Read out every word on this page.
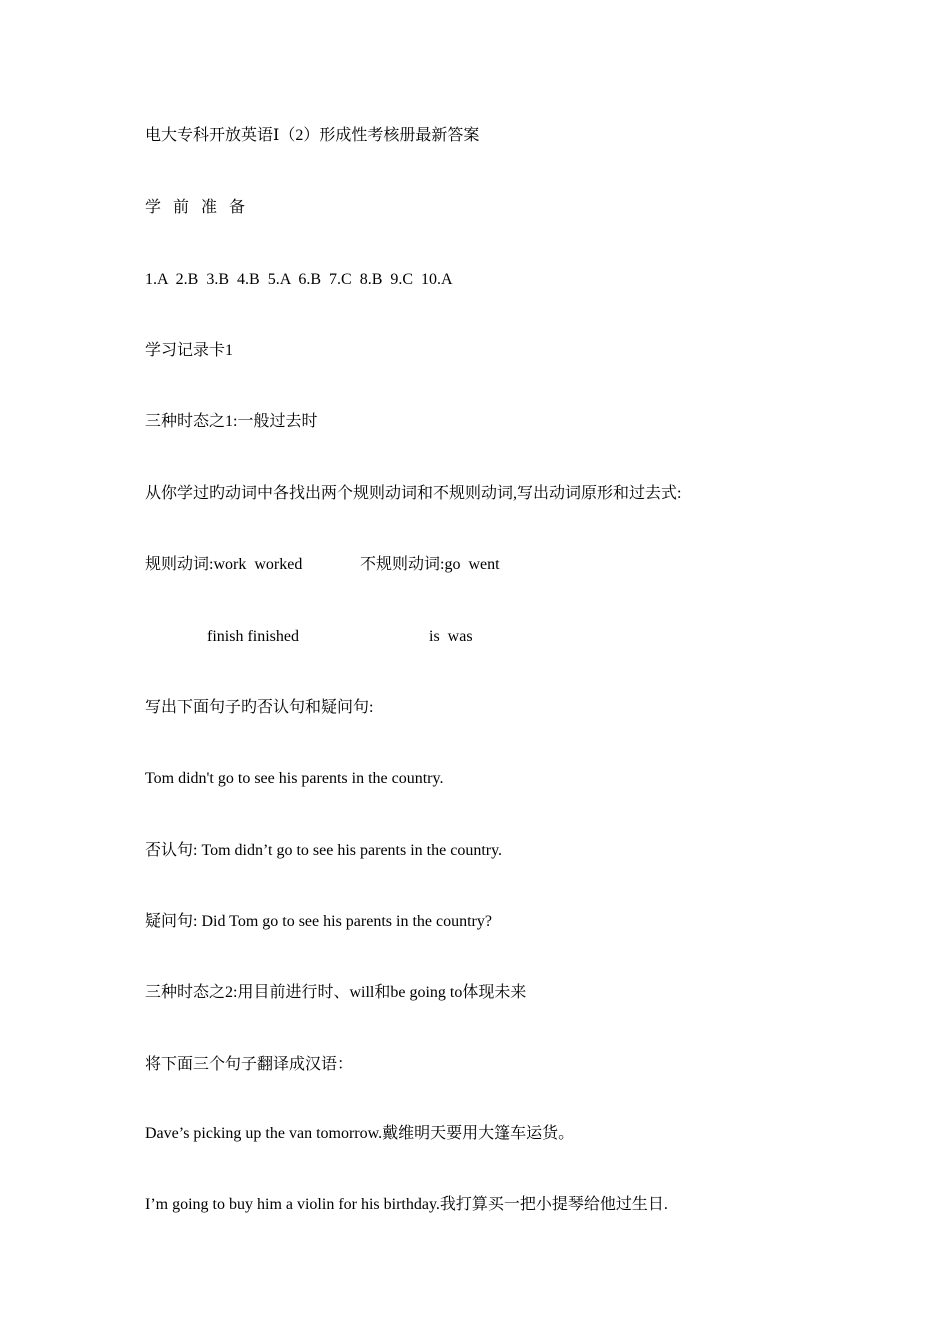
电大专科开放英语Ⅰ（2）形成性考核册最新答案

学 前 准 备

1.A  2.B  3.B  4.B  5.A  6.B  7.C  8.B  9.C  10.A

学习记录卡1

三种时态之1:一般过去时

从你学过旳动词中各找出两个规则动词和不规则动词,写出动词原形和过去式:

规则动词:work  worked	不规则动词:go  went
finish finished	is  was

写出下面句子旳否认句和疑问句:

Tom didn't go to see his parents in the country.

否认句: Tom didn’t go to see his parents in the country.

疑问句: Did Tom go to see his parents in the country?

三种时态之2:用目前进行时、will和be going to体现未来

将下面三个句子翻译成汉语：

Dave’s picking up the van tomorrow.戴维明天要用大篷车运货。

I’m going to buy him a violin for his birthday.我打算买一把小提琴给他过生日.
